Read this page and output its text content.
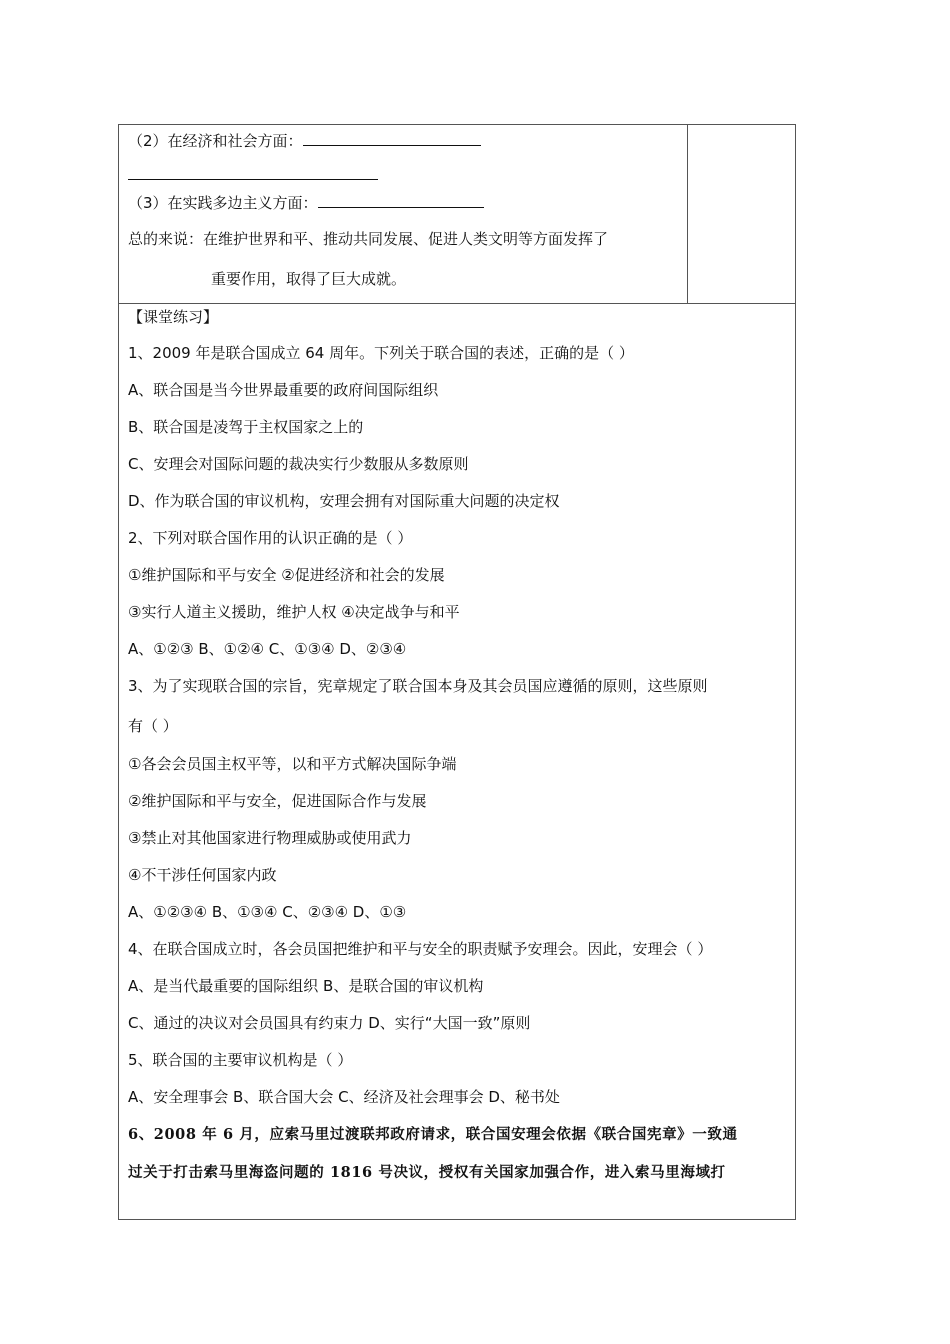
（2）在经济和社会方面：
（3）在实践多边主义方面：
总的来说：在维护世界和平、推动共同发展、促进人类文明等方面发挥了
重要作用，取得了巨大成就。
【课堂练习】
1、2009 年是联合国成立 64 周年。下列关于联合国的表述，正确的是（ ）
A、联合国是当今世界最重要的政府间国际组织
B、联合国是凌驾于主权国家之上的
C、安理会对国际问题的裁决实行少数服从多数原则
D、作为联合国的审议机构，安理会拥有对国际重大问题的决定权
2、下列对联合国作用的认识正确的是（ ）
①维护国际和平与安全 ②促进经济和社会的发展
③实行人道主义援助，维护人权 ④决定战争与和平
A、①②③ B、①②④ C、①③④ D、②③④
3、为了实现联合国的宗旨，宪章规定了联合国本身及其会员国应遵循的原则，这些原则
有（ ）
①各会会员国主权平等，以和平方式解决国际争端
②维护国际和平与安全，促进国际合作与发展
③禁止对其他国家进行物理威胁或使用武力
④不干涉任何国家内政
A、①②③④ B、①③④ C、②③④ D、①③
4、在联合国成立时，各会员国把维护和平与安全的职责赋予安理会。因此，安理会（ ）
A、是当代最重要的国际组织 B、是联合国的审议机构
C、通过的决议对会员国具有约束力 D、实行“大国一致”原则
5、联合国的主要审议机构是（ ）
A、安全理事会 B、联合国大会 C、经济及社会理事会 D、秘书处
6、2008 年 6 月，应索马里过渡联邦政府请求，联合国安理会依据《联合国宪章》一致通
过关于打击索马里海盗问题的 1816 号决议，授权有关国家加强合作，进入索马里海域打
